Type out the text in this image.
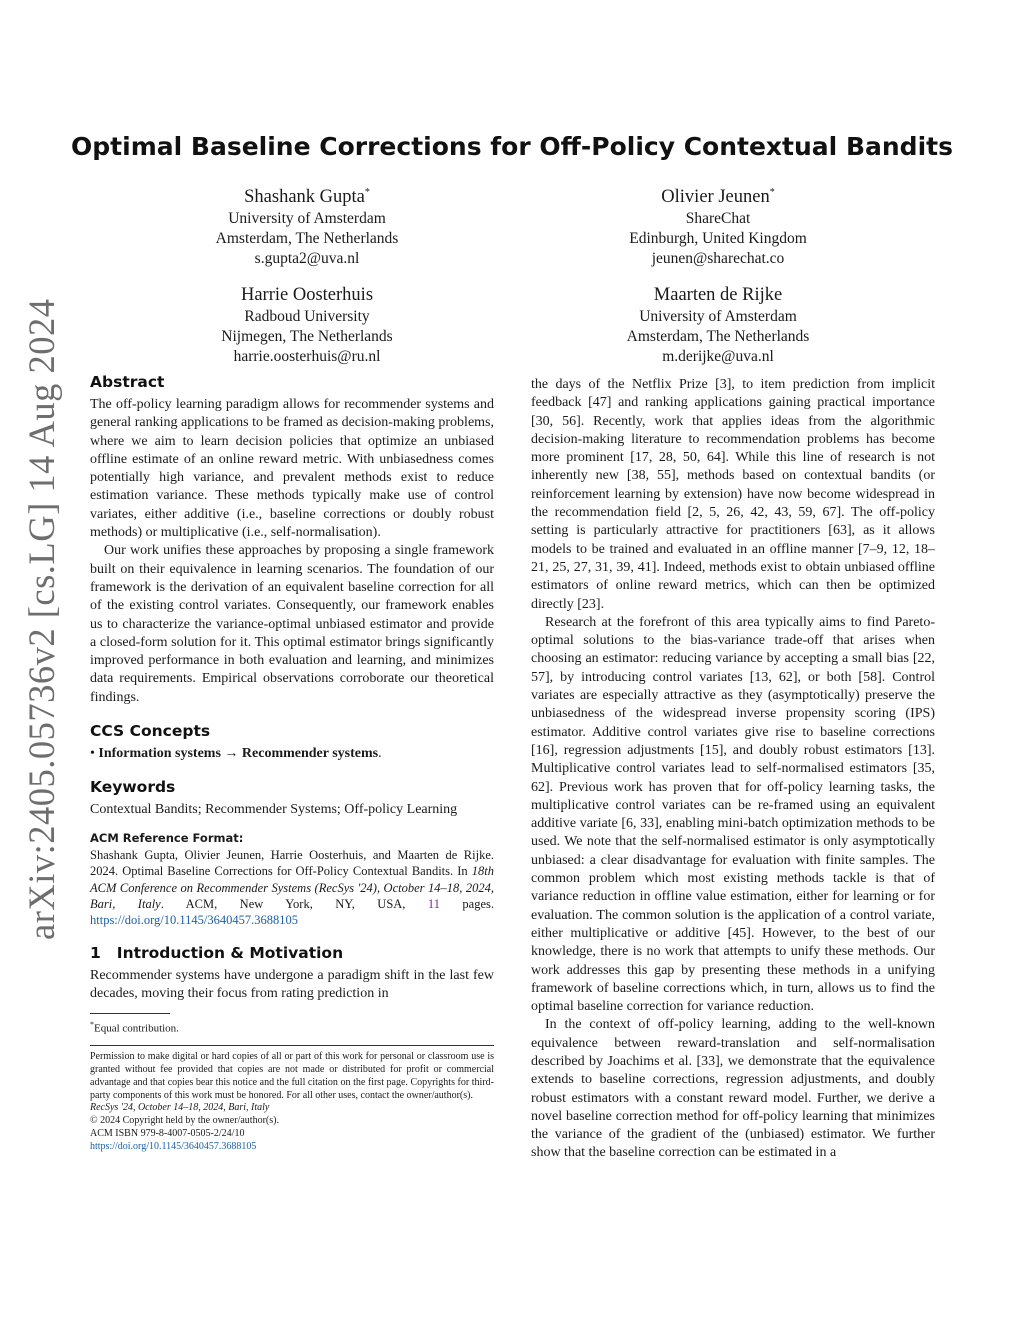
arXiv:2405.05736v2 [cs.LG] 14 Aug 2024
Optimal Baseline Corrections for Off-Policy Contextual Bandits
Shashank Gupta*
University of Amsterdam
Amsterdam, The Netherlands
s.gupta2@uva.nl
Olivier Jeunen*
ShareChat
Edinburgh, United Kingdom
jeunen@sharechat.co
Harrie Oosterhuis
Radboud University
Nijmegen, The Netherlands
harrie.oosterhuis@ru.nl
Maarten de Rijke
University of Amsterdam
Amsterdam, The Netherlands
m.derijke@uva.nl
Abstract

The off-policy learning paradigm allows for recommender systems and general ranking applications to be framed as decision-making problems, where we aim to learn decision policies that optimize an unbiased offline estimate of an online reward metric. With unbiasedness comes potentially high variance, and prevalent methods exist to reduce estimation variance. These methods typically make use of control variates, either additive (i.e., baseline corrections or doubly robust methods) or multiplicative (i.e., self-normalisation).

Our work unifies these approaches by proposing a single framework built on their equivalence in learning scenarios. The foundation of our framework is the derivation of an equivalent baseline correction for all of the existing control variates. Consequently, our framework enables us to characterize the variance-optimal unbiased estimator and provide a closed-form solution for it. This optimal estimator brings significantly improved performance in both evaluation and learning, and minimizes data requirements. Empirical observations corroborate our theoretical findings.

CCS Concepts

• Information systems → Recommender systems.

Keywords

Contextual Bandits; Recommender Systems; Off-policy Learning

ACM Reference Format:

Shashank Gupta, Olivier Jeunen, Harrie Oosterhuis, and Maarten de Rijke. 2024. Optimal Baseline Corrections for Off-Policy Contextual Bandits. In 18th ACM Conference on Recommender Systems (RecSys '24), October 14–18, 2024, Bari, Italy. ACM, New York, NY, USA, 11 pages. https://doi.org/10.1145/3640457.3688105

1 Introduction & Motivation

Recommender systems have undergone a paradigm shift in the last few decades, moving their focus from rating prediction in

*Equal contribution.

Permission to make digital or hard copies of all or part of this work for personal or classroom use is granted without fee provided that copies are not made or distributed for profit or commercial advantage and that copies bear this notice and the full citation on the first page. Copyrights for third-party components of this work must be honored. For all other uses, contact the owner/author(s).

RecSys '24, October 14–18, 2024, Bari, Italy

© 2024 Copyright held by the owner/author(s).

ACM ISBN 979-8-4007-0505-2/24/10

https://doi.org/10.1145/3640457.3688105

the days of the Netflix Prize [3], to item prediction from implicit feedback [47] and ranking applications gaining practical importance [30, 56]. Recently, work that applies ideas from the algorithmic decision-making literature to recommendation problems has become more prominent [17, 28, 50, 64]. While this line of research is not inherently new [38, 55], methods based on contextual bandits (or reinforcement learning by extension) have now become widespread in the recommendation field [2, 5, 26, 42, 43, 59, 67]. The off-policy setting is particularly attractive for practitioners [63], as it allows models to be trained and evaluated in an offline manner [7–9, 12, 18–21, 25, 27, 31, 39, 41]. Indeed, methods exist to obtain unbiased offline estimators of online reward metrics, which can then be optimized directly [23].

Research at the forefront of this area typically aims to find Pareto-optimal solutions to the bias-variance trade-off that arises when choosing an estimator: reducing variance by accepting a small bias [22, 57], by introducing control variates [13, 62], or both [58]. Control variates are especially attractive as they (asymptotically) preserve the unbiasedness of the widespread inverse propensity scoring (IPS) estimator. Additive control variates give rise to baseline corrections [16], regression adjustments [15], and doubly robust estimators [13]. Multiplicative control variates lead to self-normalised estimators [35, 62]. Previous work has proven that for off-policy learning tasks, the multiplicative control variates can be re-framed using an equivalent additive variate [6, 33], enabling mini-batch optimization methods to be used. We note that the self-normalised estimator is only asymptotically unbiased: a clear disadvantage for evaluation with finite samples. The common problem which most existing methods tackle is that of variance reduction in offline value estimation, either for learning or for evaluation. The common solution is the application of a control variate, either multiplicative or additive [45]. However, to the best of our knowledge, there is no work that attempts to unify these methods. Our work addresses this gap by presenting these methods in a unifying framework of baseline corrections which, in turn, allows us to find the optimal baseline correction for variance reduction.

In the context of off-policy learning, adding to the well-known equivalence between reward-translation and self-normalisation described by Joachims et al. [33], we demonstrate that the equivalence extends to baseline corrections, regression adjustments, and doubly robust estimators with a constant reward model. Further, we derive a novel baseline correction method for off-policy learning that minimizes the variance of the gradient of the (unbiased) estimator. We further show that the baseline correction can be estimated in a
